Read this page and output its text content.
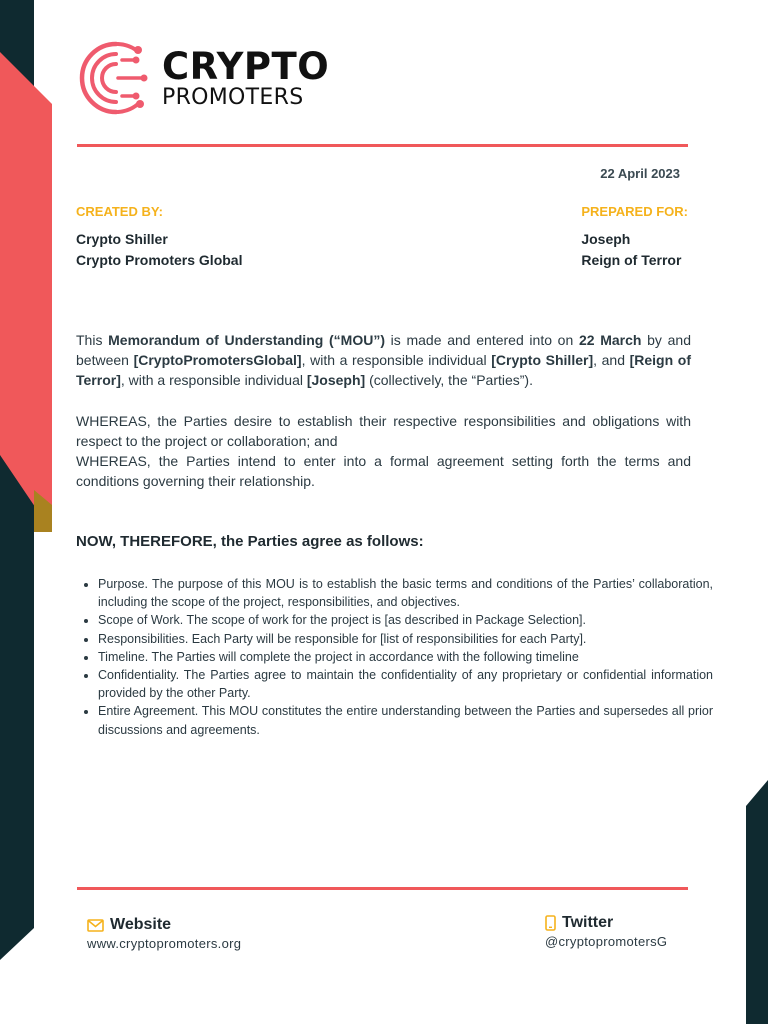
CRYPTO
PROMOTERS
22 April 2023
CREATED BY:
Crypto Shiller
Crypto Promoters Global
PREPARED FOR:
Joseph
Reign of Terror

This Memorandum of Understanding (“MOU”) is made and entered into on 22 March by and between [CryptoPromotersGlobal], with a responsible individual [Crypto Shiller], and [Reign of Terror], with a responsible individual [Joseph] (collectively, the “Parties”).

WHEREAS, the Parties desire to establish their respective responsibilities and obligations with respect to the project or collaboration; and
WHEREAS, the Parties intend to enter into a formal agreement setting forth the terms and conditions governing their relationship.

NOW, THEREFORE, the Parties agree as follows:
• Purpose. The purpose of this MOU is to establish the basic terms and conditions of the Parties’ collaboration, including the scope of the project, responsibilities, and objectives.
• Scope of Work. The scope of work for the project is [as described in Package Selection].
• Responsibilities. Each Party will be responsible for [list of responsibilities for each Party].
• Timeline. The Parties will complete the project in accordance with the following timeline
• Confidentiality. The Parties agree to maintain the confidentiality of any proprietary or confidential information provided by the other Party.
• Entire Agreement. This MOU constitutes the entire understanding between the Parties and supersedes all prior discussions and agreements.
Website
www.cryptopromoters.org
Twitter
@cryptopromotersG
